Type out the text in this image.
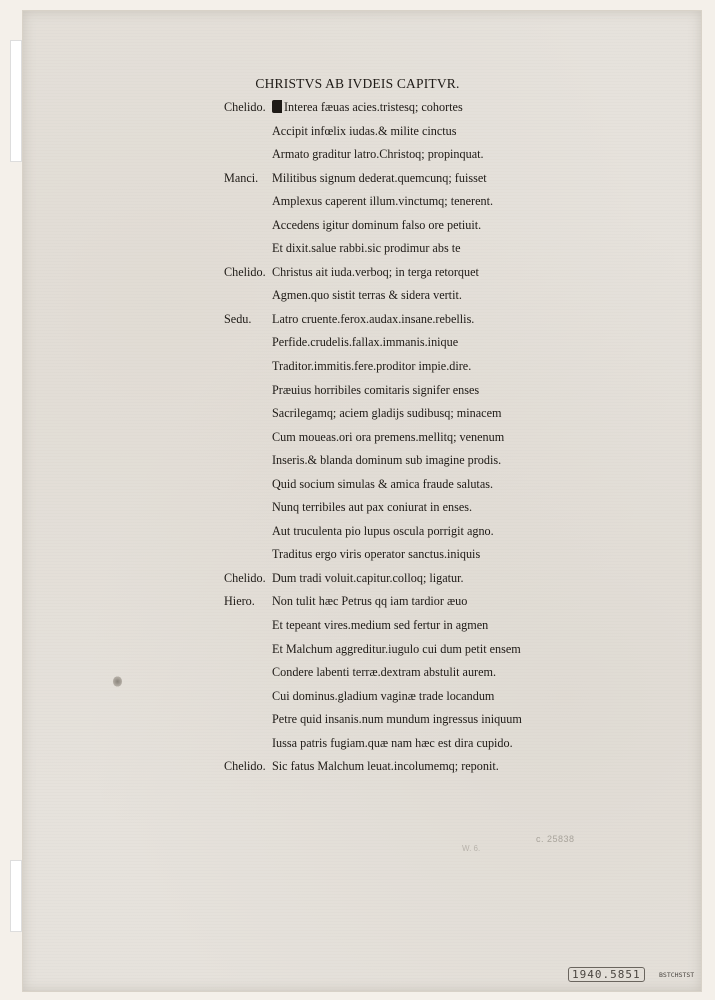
CHRISTVS AB IVDEIS CAPITVR.
Chelido.	Interea fæuas acies.tristesq; cohortes
Accipit infœlix iudas.& milite cinctus
Armato graditur latro.Christoq; propinquat.
Manci. Militibus signum dederat.quemcunq; fuisset
Amplexus caperent illum.vinctumq; tenerent.
Accedens igitur dominum falso ore petiuit.
Et dixit.salue rabbi.sic prodimur abs te
Chelido. Christus ait iuda.verboq; in terga retorquet
Agmen.quo sistit terras & sidera vertit.
Sedu. Latro cruente.ferox.audax.insane.rebellis.
Perfide.crudelis.fallax.immanis.inique
Traditor.immitis.fere.proditor impie.dire.
Præuius horribiles comitaris signifer enses
Sacrilegamq; aciem gladijs sudibusq; minacem
Cum moueas.ori ora premens.mellitq; venenum
Inseris.& blanda dominum sub imagine prodis.
Quid socium simulas & amica fraude salutas.
Nunq terribiles aut pax coniurat in enses.
Aut truculenta pio lupus oscula porrigit agno.
Traditus ergo viris operator sanctus.iniquis
Chelido. Dum tradi voluit.capitur.colloq; ligatur.
Hiero. Non tulit hæc Petrus qq iam tardior æuo
Et tepeant vires.medium sed fertur in agmen
Et Malchum aggreditur.iugulo cui dum petit ensem
Condere labenti terræ.dextram abstulit aurem.
Cui dominus.gladium vaginæ trade locandum
Petre quid insanis.num mundum ingressus iniquum
Iussa patris fugiam.quæ nam hæc est dira cupido.
Chelido. Sic fatus Malchum leuat.incolumemq; reponit.
W. 6.
c. 25838
1940.5851	BSTCHSTST
